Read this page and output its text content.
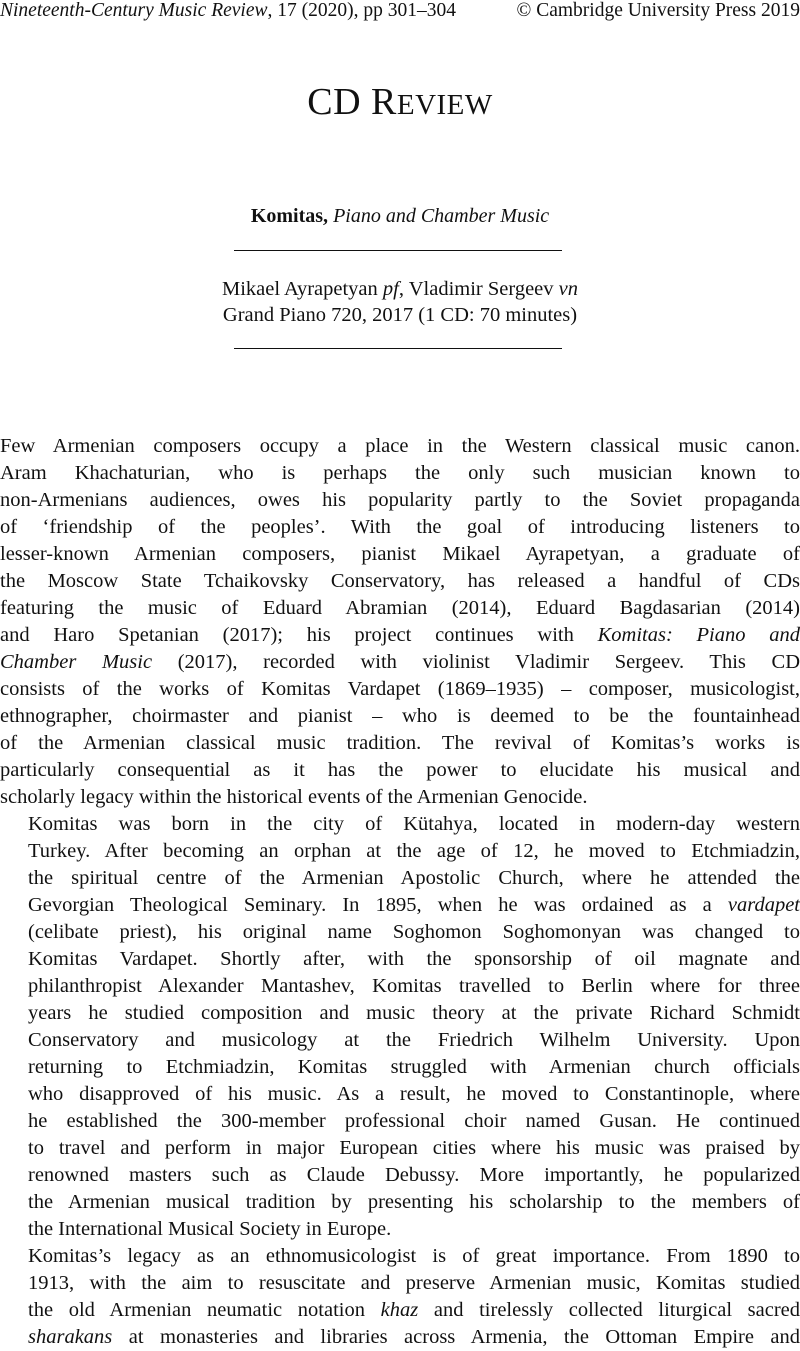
Nineteenth-Century Music Review, 17 (2020), pp 301–304	© Cambridge University Press 2019
CD REVIEW
Komitas, Piano and Chamber Music
Mikael Ayrapetyan pf, Vladimir Sergeev vn
Grand Piano 720, 2017 (1 CD: 70 minutes)

Few Armenian composers occupy a place in the Western classical music canon.
Aram Khachaturian, who is perhaps the only such musician known to
non-Armenians audiences, owes his popularity partly to the Soviet propaganda
of ‘friendship of the peoples’. With the goal of introducing listeners to
lesser-known Armenian composers, pianist Mikael Ayrapetyan, a graduate of
the Moscow State Tchaikovsky Conservatory, has released a handful of CDs
featuring the music of Eduard Abramian (2014), Eduard Bagdasarian (2014)
and Haro Spetanian (2017); his project continues with Komitas: Piano and
Chamber Music (2017), recorded with violinist Vladimir Sergeev. This CD
consists of the works of Komitas Vardapet (1869–1935) – composer, musicologist,
ethnographer, choirmaster and pianist – who is deemed to be the fountainhead
of the Armenian classical music tradition. The revival of Komitas’s works is
particularly consequential as it has the power to elucidate his musical and
scholarly legacy within the historical events of the Armenian Genocide.

Komitas was born in the city of Kütahya, located in modern-day western
Turkey. After becoming an orphan at the age of 12, he moved to Etchmiadzin,
the spiritual centre of the Armenian Apostolic Church, where he attended the
Gevorgian Theological Seminary. In 1895, when he was ordained as a vardapet
(celibate priest), his original name Soghomon Soghomonyan was changed to
Komitas Vardapet. Shortly after, with the sponsorship of oil magnate and
philanthropist Alexander Mantashev, Komitas travelled to Berlin where for three
years he studied composition and music theory at the private Richard Schmidt
Conservatory and musicology at the Friedrich Wilhelm University. Upon
returning to Etchmiadzin, Komitas struggled with Armenian church officials
who disapproved of his music. As a result, he moved to Constantinople, where
he established the 300-member professional choir named Gusan. He continued
to travel and perform in major European cities where his music was praised by
renowned masters such as Claude Debussy. More importantly, he popularized
the Armenian musical tradition by presenting his scholarship to the members of
the International Musical Society in Europe.

Komitas’s legacy as an ethnomusicologist is of great importance. From 1890 to
1913, with the aim to resuscitate and preserve Armenian music, Komitas studied
the old Armenian neumatic notation khaz and tirelessly collected liturgical sacred
sharakans at monasteries and libraries across Armenia, the Ottoman Empire and
